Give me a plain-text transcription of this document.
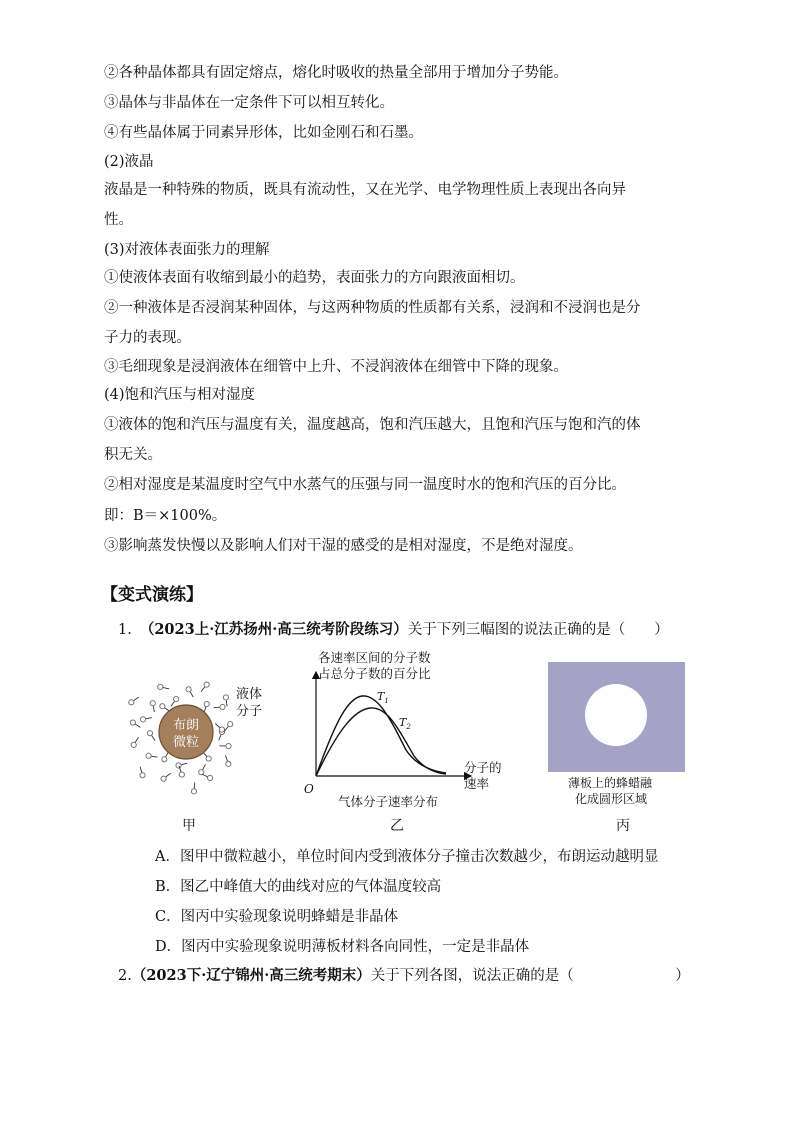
②各种晶体都具有固定熔点，熔化时吸收的热量全部用于增加分子势能。
③晶体与非晶体在一定条件下可以相互转化。
④有些晶体属于同素异形体，比如金刚石和石墨。
(2)液晶
液晶是一种特殊的物质，既具有流动性，又在光学、电学物理性质上表现出各向异
性。
(3)对液体表面张力的理解
①使液体表面有收缩到最小的趋势，表面张力的方向跟液面相切。
②一种液体是否浸润某种固体，与这两种物质的性质都有关系，浸润和不浸润也是分
子力的表现。
③毛细现象是浸润液体在细管中上升、不浸润液体在细管中下降的现象。
(4)饱和汽压与相对湿度
①液体的饱和汽压与温度有关，温度越高，饱和汽压越大，且饱和汽压与饱和汽的体
积无关。
②相对湿度是某温度时空气中水蒸气的压强与同一温度时水的饱和汽压的百分比。
即：B＝×100%。
③影响蒸发快慢以及影响人们对干湿的感受的是相对湿度，不是绝对湿度。
【变式演练】
1. （2023上·江苏扬州·高三统考阶段练习）关于下列三幅图的说法正确的是（　　）
布朗
微粒
液体
分子
甲
各速率区间的分子数
占总分子数的百分比
$T_1$
$T_2$
分子的
速率
O
气体分子速率分布
乙
薄板上的蜂蜡融
化成圆形区域
丙
A．图甲中微粒越小，单位时间内受到液体分子撞击次数越少，布朗运动越明显
B．图乙中峰值大的曲线对应的气体温度较高
C．图丙中实验现象说明蜂蜡是非晶体
D．图丙中实验现象说明薄板材料各向同性，一定是非晶体
2.（2023下·辽宁锦州·高三统考期末）关于下列各图，说法正确的是（　　　　　　　）
